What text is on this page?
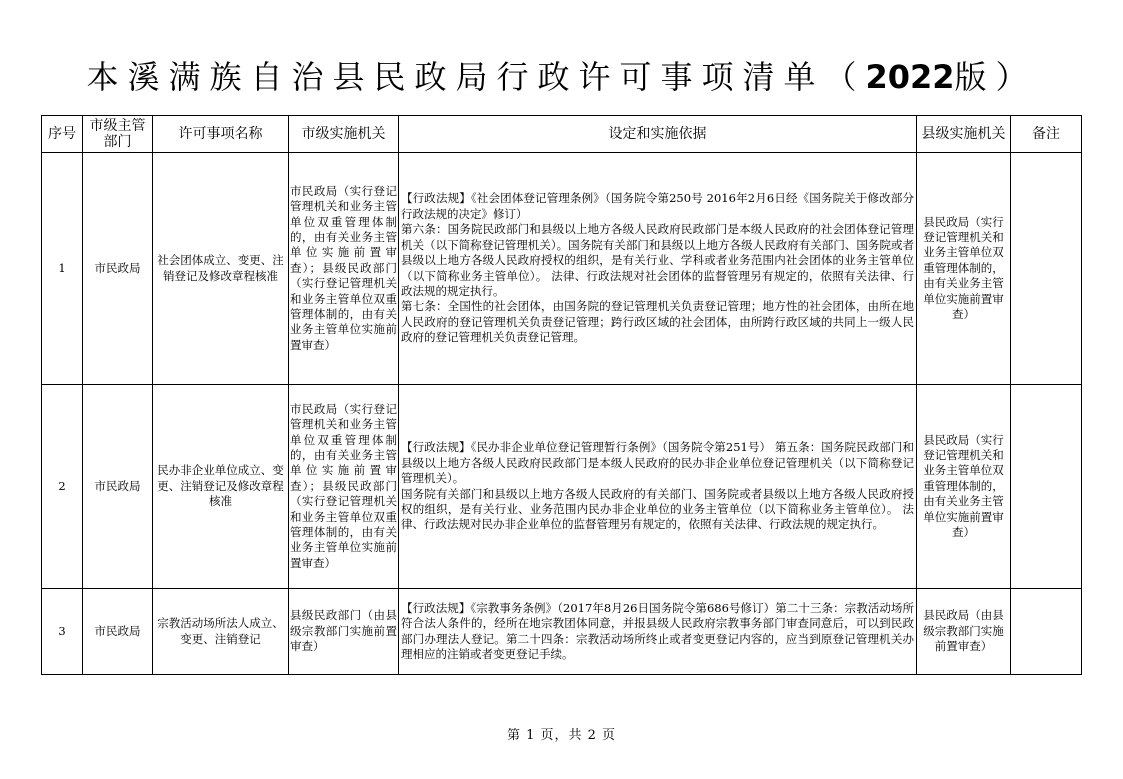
本溪满族自治县民政局行政许可事项清单（2022版）
序号	市级主管部门	许可事项名称	市级实施机关	设定和实施依据	县级实施机关	备注
1	市民政局	社会团体成立、变更、注销登记及修改章程核准	市民政局（实行登记管理机关和业务主管单位双重管理体制的，由有关业务主管单位实施前置审查）；县级民政部门（实行登记管理机关和业务主管单位双重管理体制的，由有关业务主管单位实施前置审查）	【行政法规】《社会团体登记管理条例》（国务院令第250号 2016年2月6日经《国务院关于修改部分行政法规的决定》修订）
第六条：国务院民政部门和县级以上地方各级人民政府民政部门是本级人民政府的社会团体登记管理机关（以下简称登记管理机关）。国务院有关部门和县级以上地方各级人民政府有关部门、国务院或者县级以上地方各级人民政府授权的组织，是有关行业、学科或者业务范围内社会团体的业务主管单位（以下简称业务主管单位）。 法律、行政法规对社会团体的监督管理另有规定的，依照有关法律、行政法规的规定执行。
第七条：全国性的社会团体，由国务院的登记管理机关负责登记管理；地方性的社会团体，由所在地人民政府的登记管理机关负责登记管理；跨行政区域的社会团体，由所跨行政区域的共同上一级人民政府的登记管理机关负责登记管理。	县民政局（实行登记管理机关和业务主管单位双重管理体制的，由有关业务主管单位实施前置审查）	
2	市民政局	民办非企业单位成立、变更、注销登记及修改章程核准	市民政局（实行登记管理机关和业务主管单位双重管理体制的，由有关业务主管单位实施前置审查）；县级民政部门（实行登记管理机关和业务主管单位双重管理体制的，由有关业务主管单位实施前置审查）	【行政法规】《民办非企业单位登记管理暂行条例》（国务院令第251号） 第五条：国务院民政部门和县级以上地方各级人民政府民政部门是本级人民政府的民办非企业单位登记管理机关（以下简称登记管理机关）。
国务院有关部门和县级以上地方各级人民政府的有关部门、国务院或者县级以上地方各级人民政府授权的组织，是有关行业、业务范围内民办非企业单位的业务主管单位（以下简称业务主管单位）。 法律、行政法规对民办非企业单位的监督管理另有规定的，依照有关法律、行政法规的规定执行。	县民政局（实行登记管理机关和业务主管单位双重管理体制的，由有关业务主管单位实施前置审查）	
3	市民政局	宗教活动场所法人成立、变更、注销登记	县级民政部门（由县级宗教部门实施前置审查）	【行政法规】《宗教事务条例》（2017年8月26日国务院令第686号修订）第二十三条：宗教活动场所符合法人条件的，经所在地宗教团体同意，并报县级人民政府宗教事务部门审查同意后，可以到民政部门办理法人登记。第二十四条：宗教活动场所终止或者变更登记内容的，应当到原登记管理机关办理相应的注销或者变更登记手续。	县民政局（由县级宗教部门实施前置审查）	
第 1 页，共 2 页
